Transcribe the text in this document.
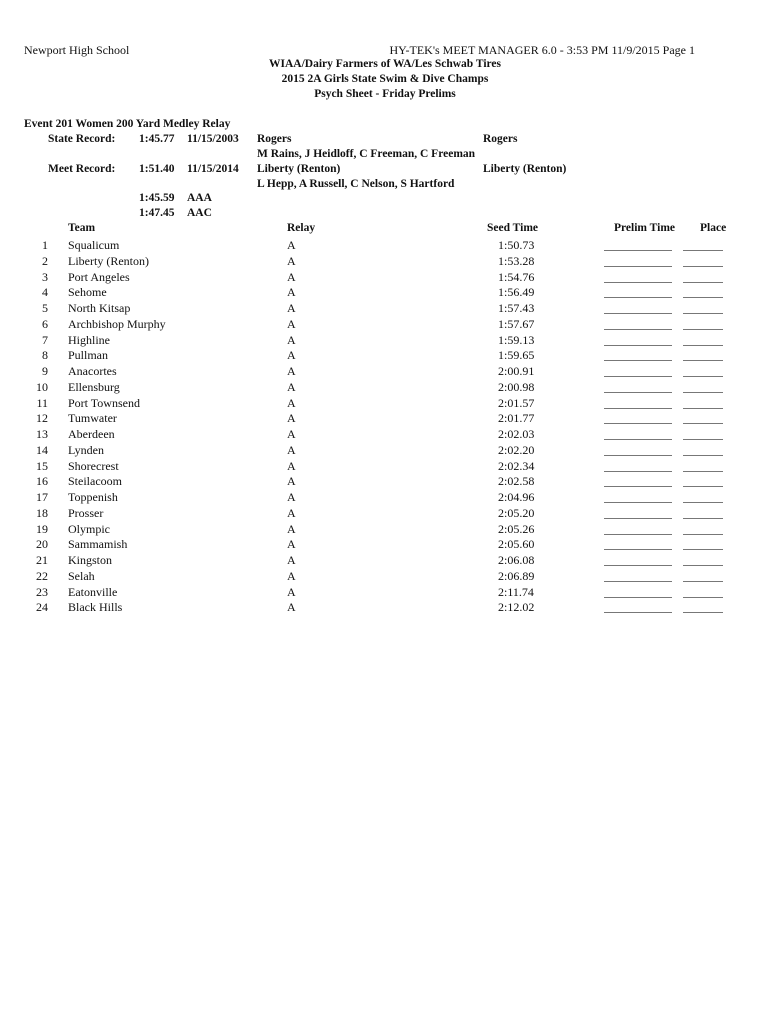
Newport High School	HY-TEK's MEET MANAGER 6.0 - 3:53 PM 11/9/2015 Page 1
WIAA/Dairy Farmers of WA/Les Schwab Tires
2015 2A Girls State Swim & Dive Champs
Psych Sheet - Friday Prelims
Event 201 Women 200 Yard Medley Relay
State Record: 1:45.77 11/15/2003 Rogers	Rogers
M Rains, J Heidloff, C Freeman, C Freeman
Meet Record: 1:51.40 11/15/2014 Liberty (Renton)	Liberty (Renton)
L Hepp, A Russell, C Nelson, S Hartford
1:45.59 AAA
1:47.45 AAC
Team	Relay	Seed Time	Prelim Time Place
1 Squalicum	A	1:50.73
2 Liberty (Renton)	A	1:53.28
3 Port Angeles	A	1:54.76
4 Sehome	A	1:56.49
5 North Kitsap	A	1:57.43
6 Archbishop Murphy	A	1:57.67
7 Highline	A	1:59.13
8 Pullman	A	1:59.65
9 Anacortes	A	2:00.91
10 Ellensburg	A	2:00.98
11 Port Townsend	A	2:01.57
12 Tumwater	A	2:01.77
13 Aberdeen	A	2:02.03
14 Lynden	A	2:02.20
15 Shorecrest	A	2:02.34
16 Steilacoom	A	2:02.58
17 Toppenish	A	2:04.96
18 Prosser	A	2:05.20
19 Olympic	A	2:05.26
20 Sammamish	A	2:05.60
21 Kingston	A	2:06.08
22 Selah	A	2:06.89
23 Eatonville	A	2:11.74
24 Black Hills	A	2:12.02
